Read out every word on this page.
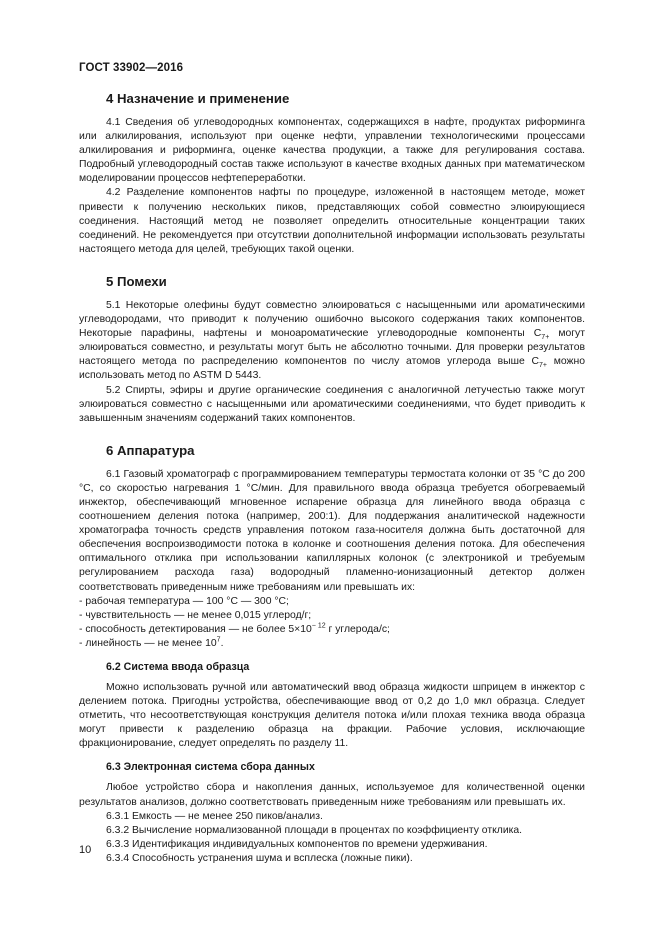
ГОСТ 33902—2016
4 Назначение и применение

4.1 Сведения об углеводородных компонентах, содержащихся в нафте, продуктах риформинга или алкилирования, используют при оценке нефти, управлении технологическими процессами алкилирования и риформинга, оценке качества продукции, а также для регулирования состава. Подробный углеводородный состав также используют в качестве входных данных при математическом моделировании процессов нефтепереработки.

4.2 Разделение компонентов нафты по процедуре, изложенной в настоящем методе, может привести к получению нескольких пиков, представляющих собой совместно элюирующиеся соединения. Настоящий метод не позволяет определить относительные концентрации таких соединений. Не рекомендуется при отсутствии дополнительной информации использовать результаты настоящего метода для целей, требующих такой оценки.

5 Помехи

5.1 Некоторые олефины будут совместно элюироваться с насыщенными или ароматическими углеводородами, что приводит к получению ошибочно высокого содержания таких компонентов. Некоторые парафины, нафтены и моноароматические углеводородные компоненты $C_{7+}$ могут элюироваться совместно, и результаты могут быть не абсолютно точными. Для проверки результатов настоящего метода по распределению компонентов по числу атомов углерода выше $C_{7+}$ можно использовать метод по ASTM D 5443.

5.2 Спирты, эфиры и другие органические соединения с аналогичной летучестью также могут элюироваться совместно с насыщенными или ароматическими соединениями, что будет приводить к завышенным значениям содержаний таких компонентов.

6 Аппаратура

6.1 Газовый хроматограф с программированием температуры термостата колонки от 35 °С до 200 °С, со скоростью нагревания 1 °С/мин. Для правильного ввода образца требуется обогреваемый инжектор, обеспечивающий мгновенное испарение образца для линейного ввода образца с соотношением деления потока (например, 200:1). Для поддержания аналитической надежности хроматографа точность средств управления потоком газа-носителя должна быть достаточной для обеспечения воспроизводимости потока в колонке и соотношения деления потока. Для обеспечения оптимального отклика при использовании капиллярных колонок (с электроникой и требуемым регулированием расхода газа) водородный пламенно-ионизационный детектор должен соответствовать приведенным ниже требованиям или превышать их:

- рабочая температура — 100 °С — 300 °С;
- чувствительность — не менее 0,015 углерод/г;
- способность детектирования — не более $5\times 10^{- 12}$ г углерода/с;
- линейность — не менее $10^7$.
6.2 Система ввода образца

Можно использовать ручной или автоматический ввод образца жидкости шприцем в инжектор с делением потока. Пригодны устройства, обеспечивающие ввод от 0,2 до 1,0 мкл образца. Следует отметить, что несоответствующая конструкция делителя потока и/или плохая техника ввода образца могут привести к разделению образца на фракции. Рабочие условия, исключающие фракционирование, следует определять по разделу 11.

6.3 Электронная система сбора данных

Любое устройство сбора и накопления данных, используемое для количественной оценки результатов анализов, должно соответствовать приведенным ниже требованиям или превышать их.

6.3.1 Емкость — не менее 250 пиков/анализ.
6.3.2 Вычисление нормализованной площади в процентах по коэффициенту отклика.
6.3.3 Идентификация индивидуальных компонентов по времени удерживания.
6.3.4 Способность устранения шума и всплеска (ложные пики).
10
